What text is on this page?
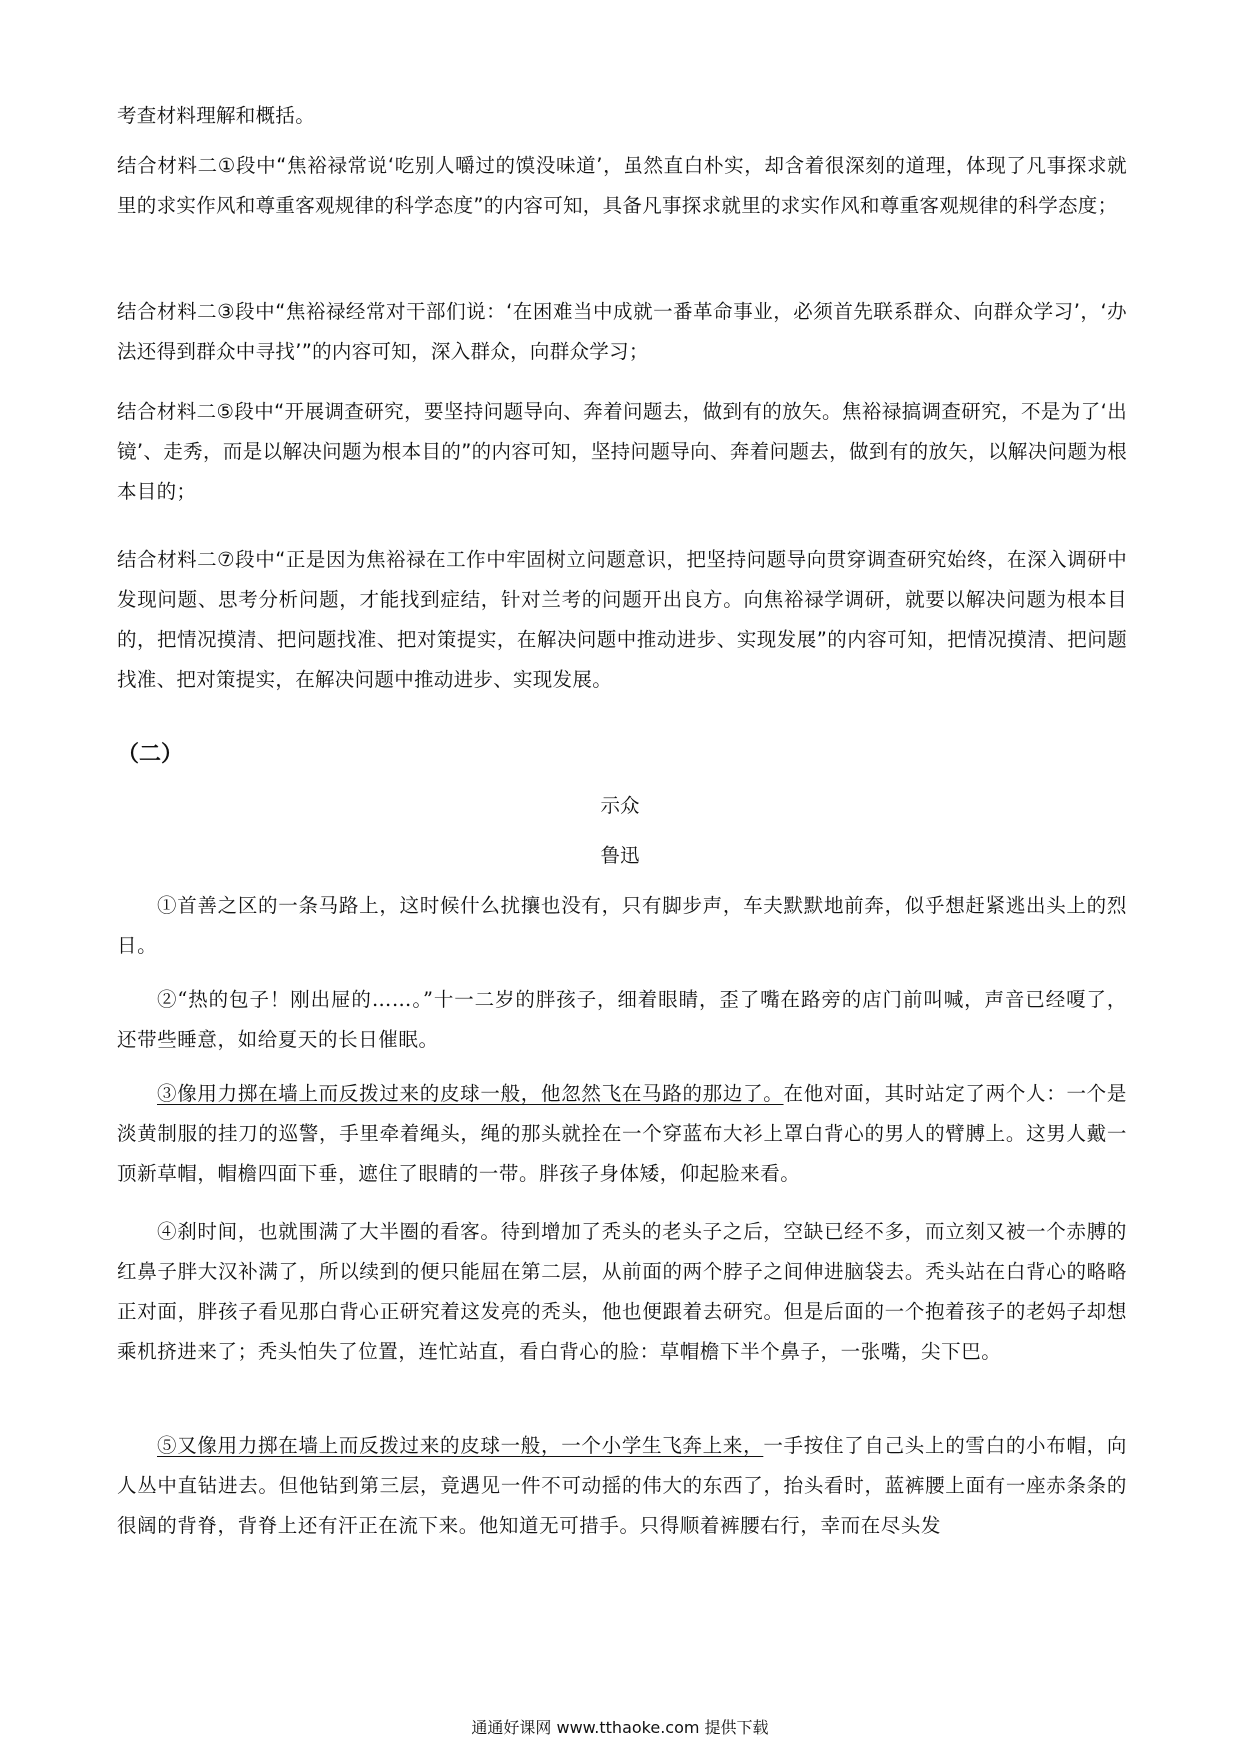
考查材料理解和概括。

结合材料二①段中“焦裕禄常说‘吃别人嚼过的馍没味道’，虽然直白朴实，却含着很深刻的道理，体现了凡事探求就里的求实作风和尊重客观规律的科学态度”的内容可知，具备凡事探求就里的求实作风和尊重客观规律的科学态度；

结合材料二③段中“焦裕禄经常对干部们说：‘在困难当中成就一番革命事业，必须首先联系群众、向群众学习’，‘办法还得到群众中寻找’”的内容可知，深入群众，向群众学习；

结合材料二⑤段中“开展调查研究，要坚持问题导向、奔着问题去，做到有的放矢。焦裕禄搞调查研究，不是为了‘出镜’、走秀，而是以解决问题为根本目的”的内容可知，坚持问题导向、奔着问题去，做到有的放矢，以解决问题为根本目的；

结合材料二⑦段中“正是因为焦裕禄在工作中牢固树立问题意识，把坚持问题导向贯穿调查研究始终，在深入调研中发现问题、思考分析问题，才能找到症结，针对兰考的问题开出良方。向焦裕禄学调研，就要以解决问题为根本目的，把情况摸清、把问题找准、把对策提实，在解决问题中推动进步、实现发展”的内容可知，把情况摸清、把问题找准、把对策提实，在解决问题中推动进步、实现发展。

（二）

示众

鲁迅

①首善之区的一条马路上，这时候什么扰攘也没有，只有脚步声，车夫默默地前奔，似乎想赶紧逃出头上的烈日。

②“热的包子！刚出屉的……。”十一二岁的胖孩子，细着眼睛，歪了嘴在路旁的店门前叫喊，声音已经嗄了，还带些睡意，如给夏天的长日催眠。

③像用力掷在墙上而反拨过来的皮球一般，他忽然飞在马路的那边了。在他对面，其时站定了两个人：一个是淡黄制服的挂刀的巡警，手里牵着绳头，绳的那头就拴在一个穿蓝布大衫上罩白背心的男人的臂膊上。这男人戴一顶新草帽，帽檐四面下垂，遮住了眼睛的一带。胖孩子身体矮，仰起脸来看。

④刹时间，也就围满了大半圈的看客。待到增加了秃头的老头子之后，空缺已经不多，而立刻又被一个赤膊的红鼻子胖大汉补满了，所以续到的便只能屈在第二层，从前面的两个脖子之间伸进脑袋去。秃头站在白背心的略略正对面，胖孩子看见那白背心正研究着这发亮的秃头，他也便跟着去研究。但是后面的一个抱着孩子的老妈子却想乘机挤进来了；秃头怕失了位置，连忙站直，看白背心的脸：草帽檐下半个鼻子，一张嘴，尖下巴。

⑤又像用力掷在墙上而反拨过来的皮球一般，一个小学生飞奔上来，一手按住了自己头上的雪白的小布帽，向人丛中直钻进去。但他钻到第三层，竟遇见一件不可动摇的伟大的东西了，抬头看时，蓝裤腰上面有一座赤条条的很阔的背脊，背脊上还有汗正在流下来。他知道无可措手。只得顺着裤腰右行，幸而在尽头发

通通好课网 www.tthaoke.com 提供下载
